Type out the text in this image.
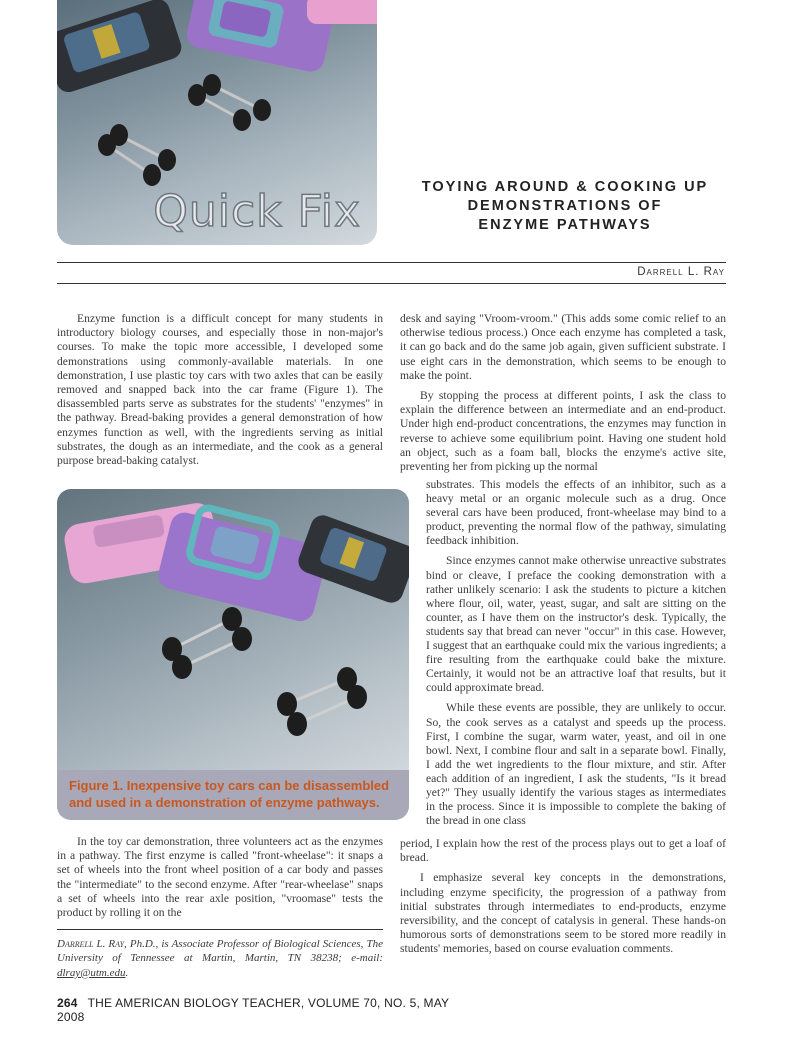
Quick Fix	TOYING AROUND & COOKING UP
DEMONSTRATIONS OF
ENZYME PATHWAYS
Darrell L. Ray

Enzyme function is a difficult concept for many students in introductory biology courses, and especially those in non-major's courses. To make the topic more accessible, I developed some demonstrations using commonly-available materials. In one demonstration, I use plastic toy cars with two axles that can be easily removed and snapped back into the car frame (Figure 1). The disassembled parts serve as substrates for the students' "enzymes" in the pathway. Bread-baking provides a general demonstration of how enzymes function as well, with the ingredients serving as initial substrates, the dough as an intermediate, and the cook as a general purpose bread-baking catalyst.

Figure 1. Inexpensive toy cars can be disassembled and used in a demonstration of enzyme pathways.

In the toy car demonstration, three volunteers act as the enzymes in a pathway. The first enzyme is called "front-wheelase": it snaps a set of wheels into the front wheel position of a car body and passes the "intermediate" to the second enzyme. After "rear-wheelase" snaps a set of wheels into the rear axle position, "vroomase" tests the product by rolling it on the

Darrell L. Ray, Ph.D., is Associate Professor of Biological Sciences, The University of Tennessee at Martin, Martin, TN 38238; e-mail: dlray@utm.edu.

desk and saying "Vroom-vroom." (This adds some comic relief to an otherwise tedious process.) Once each enzyme has completed a task, it can go back and do the same job again, given sufficient substrate. I use eight cars in the demonstration, which seems to be enough to make the point.

By stopping the process at different points, I ask the class to explain the difference between an intermediate and an end-product. Under high end-product concentrations, the enzymes may function in reverse to achieve some equilibrium point. Having one student hold an object, such as a foam ball, blocks the enzyme's active site, preventing her from picking up the normal

substrates. This models the effects of an inhibitor, such as a heavy metal or an organic molecule such as a drug. Once several cars have been produced, front-wheelase may bind to a product, preventing the normal flow of the pathway, simulating feedback inhibition.

Since enzymes cannot make otherwise unreactive substrates bind or cleave, I preface the cooking demonstration with a rather unlikely scenario: I ask the students to picture a kitchen where flour, oil, water, yeast, sugar, and salt are sitting on the counter, as I have them on the instructor's desk. Typically, the students say that bread can never "occur" in this case. However, I suggest that an earthquake could mix the various ingredients; a fire resulting from the earthquake could bake the mixture. Certainly, it would not be an attractive loaf that results, but it could approximate bread.

While these events are possible, they are unlikely to occur. So, the cook serves as a catalyst and speeds up the process. First, I combine the sugar, warm water, yeast, and oil in one bowl. Next, I combine flour and salt in a separate bowl. Finally, I add the wet ingredients to the flour mixture, and stir. After each addition of an ingredient, I ask the students, "Is it bread yet?" They usually identify the various stages as intermediates in the process. Since it is impossible to complete the baking of the bread in one class

period, I explain how the rest of the process plays out to get a loaf of bread.

I emphasize several key concepts in the demonstrations, including enzyme specificity, the progression of a pathway from initial substrates through intermediates to end-products, enzyme reversibility, and the concept of catalysis in general. These hands-on humorous sorts of demonstrations seem to be stored more readily in students' memories, based on course evaluation comments.

264 THE AMERICAN BIOLOGY TEACHER, VOLUME 70, NO. 5, MAY 2008
